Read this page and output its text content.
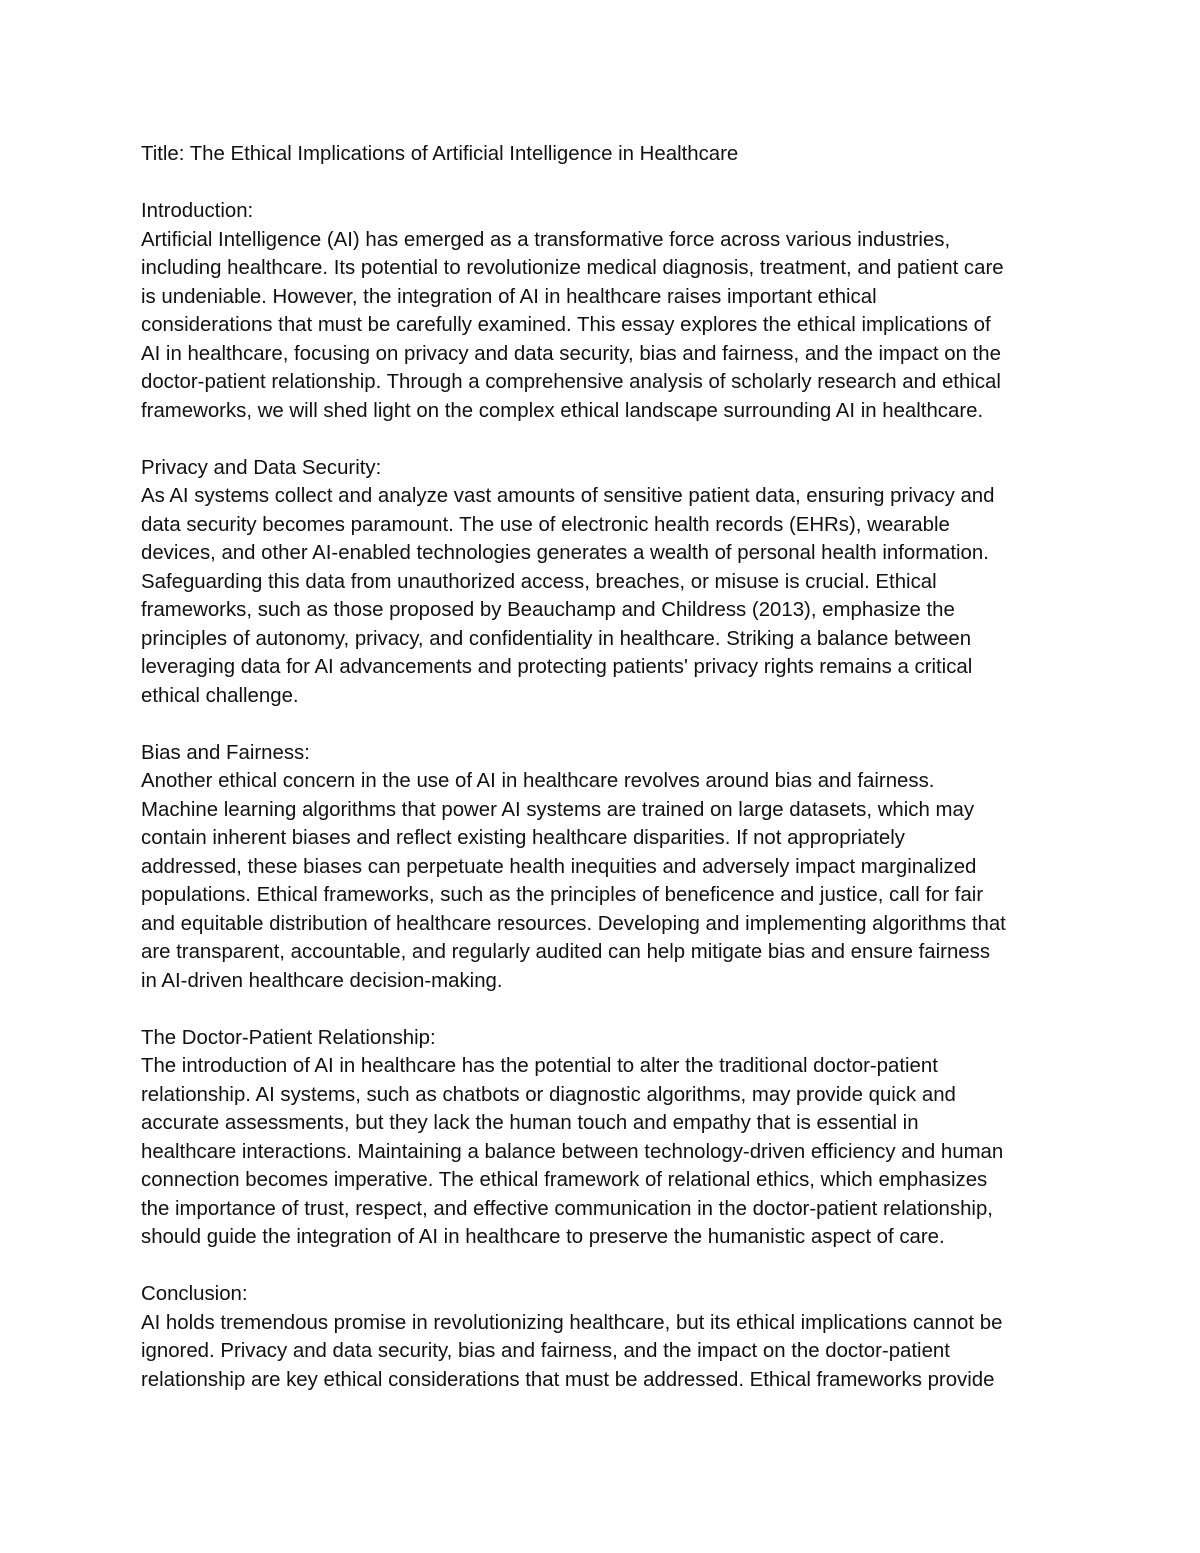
Title: The Ethical Implications of Artificial Intelligence in Healthcare
Introduction:
Artificial Intelligence (AI) has emerged as a transformative force across various industries,
including healthcare. Its potential to revolutionize medical diagnosis, treatment, and patient care
is undeniable. However, the integration of AI in healthcare raises important ethical
considerations that must be carefully examined. This essay explores the ethical implications of
AI in healthcare, focusing on privacy and data security, bias and fairness, and the impact on the
doctor-patient relationship. Through a comprehensive analysis of scholarly research and ethical
frameworks, we will shed light on the complex ethical landscape surrounding AI in healthcare.
Privacy and Data Security:
As AI systems collect and analyze vast amounts of sensitive patient data, ensuring privacy and
data security becomes paramount. The use of electronic health records (EHRs), wearable
devices, and other AI-enabled technologies generates a wealth of personal health information.
Safeguarding this data from unauthorized access, breaches, or misuse is crucial. Ethical
frameworks, such as those proposed by Beauchamp and Childress (2013), emphasize the
principles of autonomy, privacy, and confidentiality in healthcare. Striking a balance between
leveraging data for AI advancements and protecting patients' privacy rights remains a critical
ethical challenge.
Bias and Fairness:
Another ethical concern in the use of AI in healthcare revolves around bias and fairness.
Machine learning algorithms that power AI systems are trained on large datasets, which may
contain inherent biases and reflect existing healthcare disparities. If not appropriately
addressed, these biases can perpetuate health inequities and adversely impact marginalized
populations. Ethical frameworks, such as the principles of beneficence and justice, call for fair
and equitable distribution of healthcare resources. Developing and implementing algorithms that
are transparent, accountable, and regularly audited can help mitigate bias and ensure fairness
in AI-driven healthcare decision-making.
The Doctor-Patient Relationship:
The introduction of AI in healthcare has the potential to alter the traditional doctor-patient
relationship. AI systems, such as chatbots or diagnostic algorithms, may provide quick and
accurate assessments, but they lack the human touch and empathy that is essential in
healthcare interactions. Maintaining a balance between technology-driven efficiency and human
connection becomes imperative. The ethical framework of relational ethics, which emphasizes
the importance of trust, respect, and effective communication in the doctor-patient relationship,
should guide the integration of AI in healthcare to preserve the humanistic aspect of care.
Conclusion:
AI holds tremendous promise in revolutionizing healthcare, but its ethical implications cannot be
ignored. Privacy and data security, bias and fairness, and the impact on the doctor-patient
relationship are key ethical considerations that must be addressed. Ethical frameworks provide
